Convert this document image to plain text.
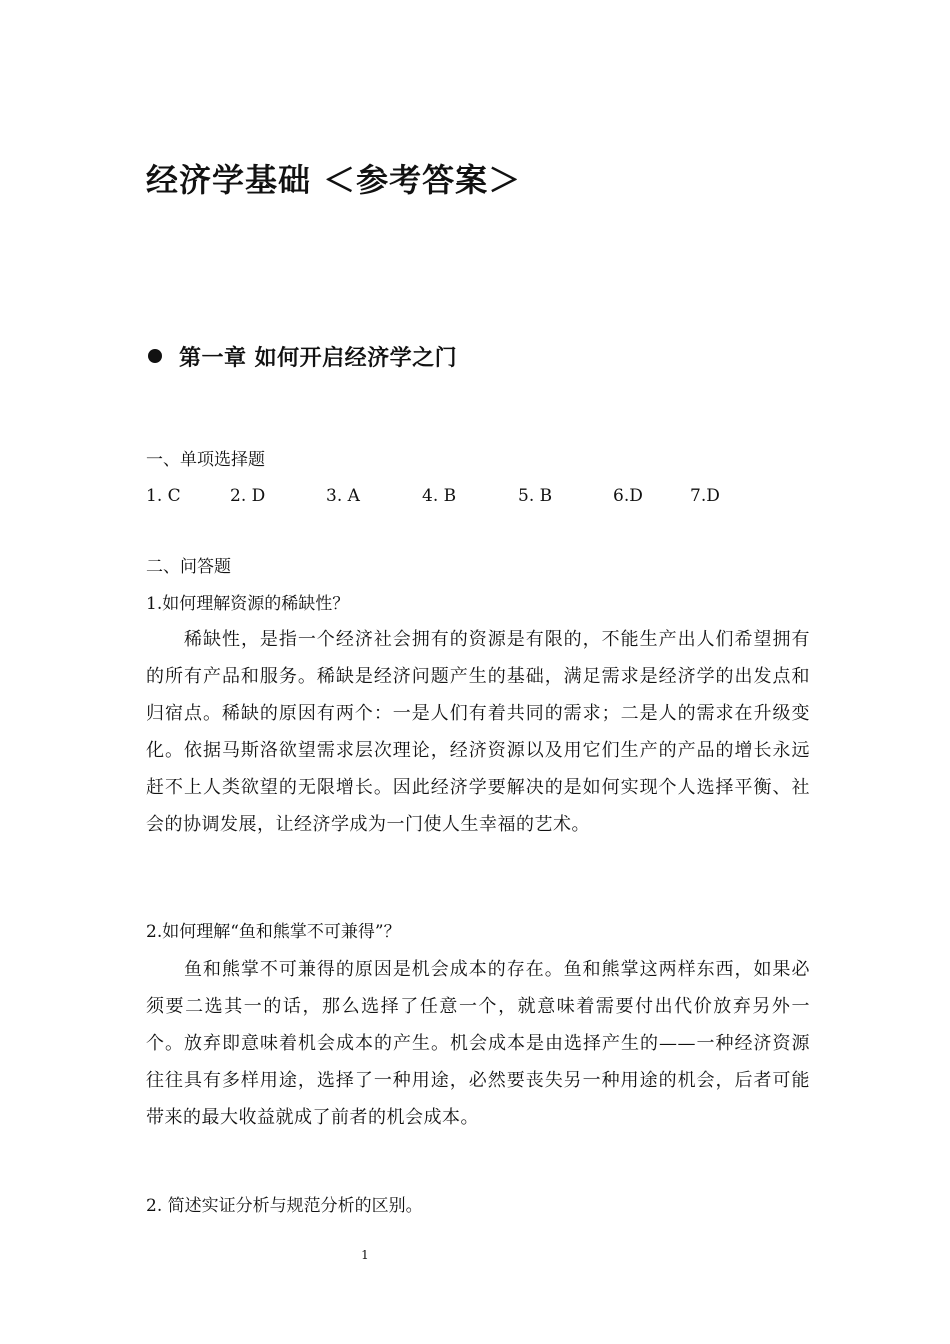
经济学基础 ＜参考答案＞
第一章 如何开启经济学之门
一、单项选择题
1. C	2. D	3. A	4. B	5. B	6.D	7.D
二、问答题
1.如何理解资源的稀缺性？
稀缺性，是指一个经济社会拥有的资源是有限的，不能生产出人们希望拥有的所有产品和服务。稀缺是经济问题产生的基础，满足需求是经济学的出发点和归宿点。稀缺的原因有两个：一是人们有着共同的需求；二是人的需求在升级变化。依据马斯洛欲望需求层次理论，经济资源以及用它们生产的产品的增长永远赶不上人类欲望的无限增长。因此经济学要解决的是如何实现个人选择平衡、社会的协调发展，让经济学成为一门使人生幸福的艺术。
2.如何理解“鱼和熊掌不可兼得”？
鱼和熊掌不可兼得的原因是机会成本的存在。鱼和熊掌这两样东西，如果必须要二选其一的话，那么选择了任意一个，就意味着需要付出代价放弃另外一个。放弃即意味着机会成本的产生。机会成本是由选择产生的——一种经济资源往往具有多样用途，选择了一种用途，必然要丧失另一种用途的机会，后者可能带来的最大收益就成了前者的机会成本。
2. 简述实证分析与规范分析的区别。
1
